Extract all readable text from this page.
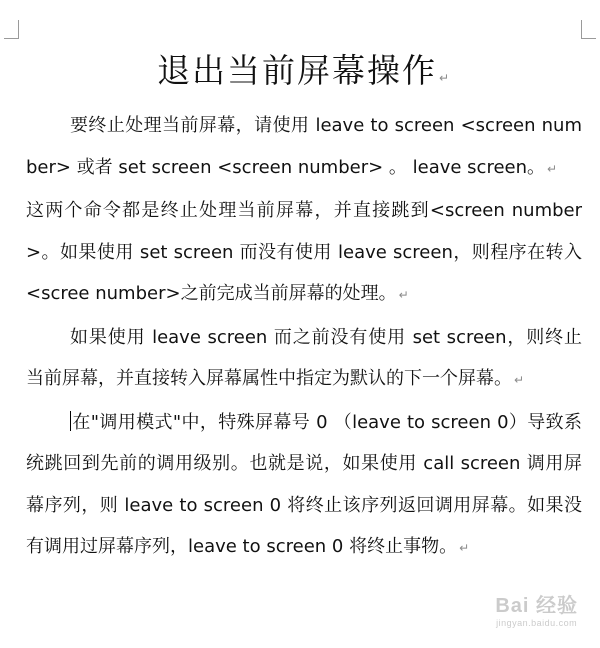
退出当前屏幕操作 ↵

要终止处理当前屏幕，请使用 leave to screen <screen number> 或者 set screen <screen number> 。 leave screen。 ↵

这两个命令都是终止处理当前屏幕，并直接跳到<screen number>。如果使用 set screen 而没有使用 leave screen，则程序在转入<scree number>之前完成当前屏幕的处理。 ↵

如果使用 leave screen 而之前没有使用 set screen，则终止当前屏幕，并直接转入屏幕属性中指定为默认的下一个屏幕。 ↵

在"调用模式"中，特殊屏幕号 0 （leave to screen 0）导致系统跳回到先前的调用级别。也就是说，如果使用 call screen 调用屏幕序列，则 leave to screen 0 将终止该序列返回调用屏幕。如果没有调用过屏幕序列，leave to screen 0 将终止事物。 ↵

Bai 经验
jingyan.baidu.com
